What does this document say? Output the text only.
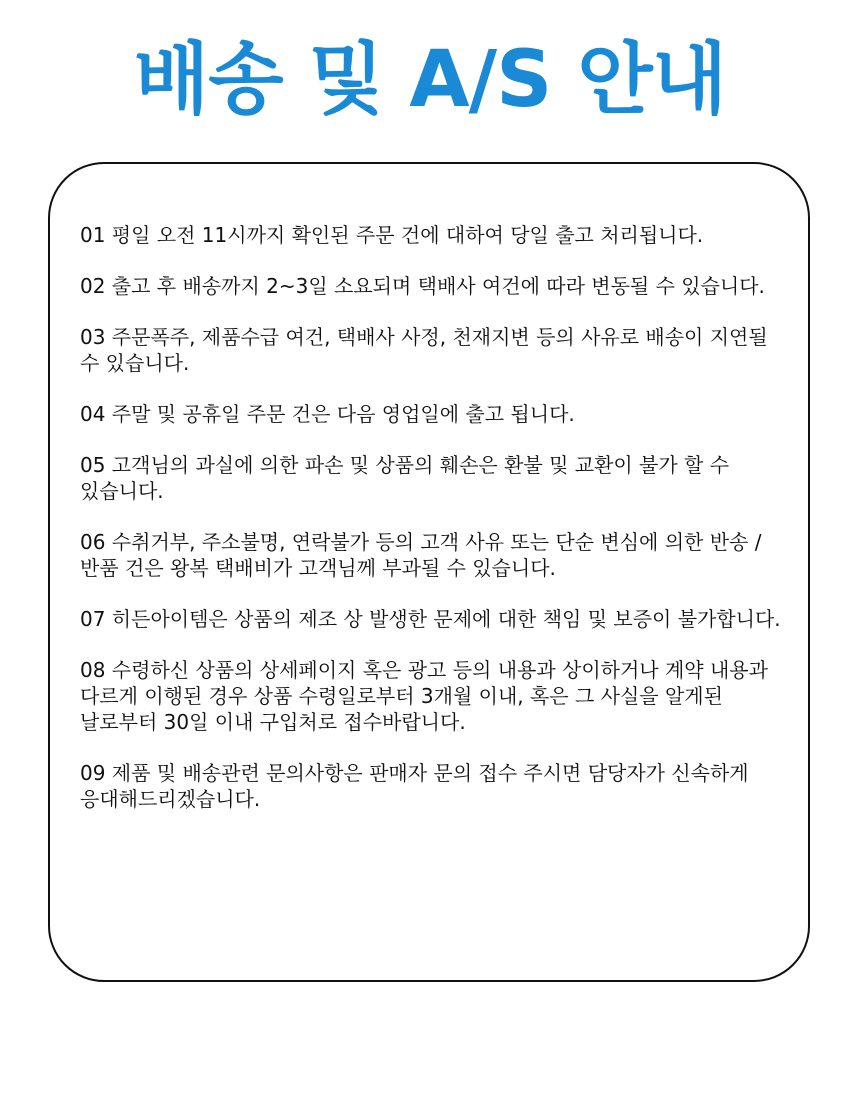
배송 및 A/S 안내
01 평일 오전 11시까지 확인된 주문 건에 대하여 당일 출고 처리됩니다.
02 출고 후 배송까지 2~3일 소요되며 택배사 여건에 따라 변동될 수 있습니다.
03 주문폭주, 제품수급 여건, 택배사 사정, 천재지변 등의 사유로 배송이 지연될 수 있습니다.
04 주말 및 공휴일 주문 건은 다음 영업일에 출고 됩니다.
05 고객님의 과실에 의한 파손 및 상품의 훼손은 환불 및 교환이 불가 할 수 있습니다.
06 수취거부, 주소불명, 연락불가 등의 고객 사유 또는 단순 변심에 의한 반송 / 반품 건은 왕복 택배비가 고객님께 부과될 수 있습니다.
07 히든아이템은 상품의 제조 상 발생한 문제에 대한 책임 및 보증이 불가합니다.
08 수령하신 상품의 상세페이지 혹은 광고 등의 내용과 상이하거나 계약 내용과 다르게 이행된 경우 상품 수령일로부터 3개월 이내, 혹은 그 사실을 알게된 날로부터 30일 이내 구입처로 접수바랍니다.
09 제품 및 배송관련 문의사항은 판매자 문의 접수 주시면 담당자가 신속하게 응대해드리겠습니다.
